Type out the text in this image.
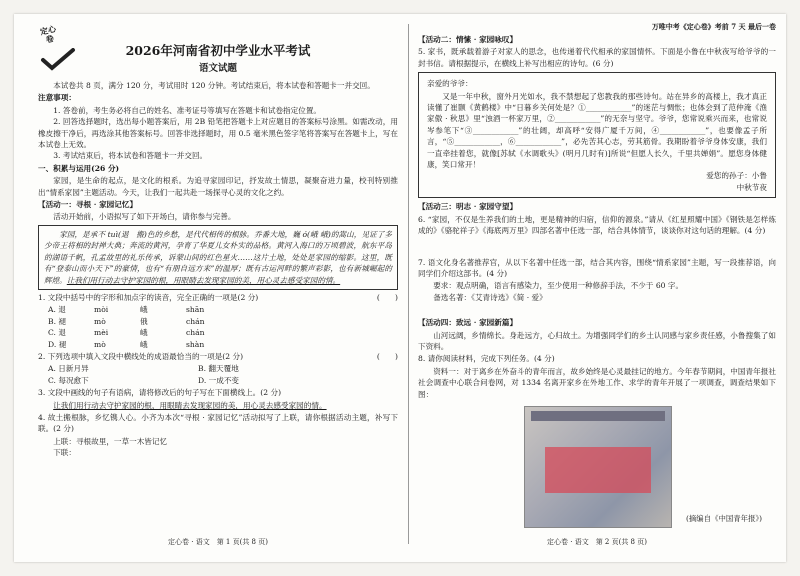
定心卷
2026年河南省初中学业水平考试
语文试题

本试卷共 8 页，满分 120 分，考试用时 120 分钟。考试结束后，将本试卷和答题卡一并交回。

注意事项：

1. 答卷前，考生务必将自己的姓名、准考证号等填写在答题卡和试卷指定位置。

2. 回答选择题时，选出每小题答案后，用 2B 铅笔把答题卡上对应题目的答案标号涂黑。如需改动，用橡皮擦干净后，再选涂其他答案标号。回答非选择题时，用 0.5 毫米黑色签字笔将答案写在答题卡上，写在本试卷上无效。

3. 考试结束后，将本试卷和答题卡一并交回。

一、积累与运用(26 分)

家园，是生命的起点，是文化的根系。为追寻家园印记，抒发故土情思，凝聚奋进力量，校刊特别推出“情系家园”主题活动。今天，让我们一起共赴一场探寻心灵的文化之约。

【活动一：寻根 · 家园记忆】

活动开始前，小语拟写了如下开场白，请你参与完善。

家园，是承不 tuì(退　搬)色的乡愁，是代代相传的根脉。乔番大地，巍 ó(峨 峨)的嵩山，见证了多少帝王将相的封禅大典；奔流的黄河，孕育了华夏儿女朴实的品格。黄河入海口的万顷碧波，航东平岛的湖语千帆，孔孟故里的礼乐传承，诉蒙山间的红色星火……这片土地，处处是家园的缩影。这里，既有“登泰山而小天下”的豪情，也有“有朋自远方来”的温厚；既有古运河畔的繁声彩影，也有新城崛起的辉煌。让我们用行动去守护家园的根，用眼睛去发现家园的美，用心灵去感受家园的情。

1. 文段中括号中的字形和加点字的读音，完全正确的一项是(2 分)	(　　)

A. 退	mòi	峨	shān
B. 褪	mò	俄	chán
C. 退	mèi	峨	chán
D. 褪	mò	峨	shàn

2. 下列选项中填入文段中横线处的成语最恰当的一项是(2 分)	(　　)

A. 日新月异	B. 翻天覆地
C. 每况愈下	D. 一成不变

3. 文段中画线的句子有语病，请将修改后的句子写在下面横线上。(2 分)

让我们用行动去守护家园的根，用眼睛去发现家园的美，用心灵去感受家园的情。

4. 故土搬根脉，乡忆镌人心。小齐为本次“寻根 · 家园记忆”活动拟写了上联，请你根据活动主题，补写下联。(2 分)

上联：寻根故里，一草一木皆记忆

下联：

定心卷 · 语文　第 1 页(共 8 页)
万唯中考《定心卷》考前 7 天 最后一卷

【活动二：情愫 · 家园咏叹】

5. 家书，既承载着游子对家人的思念，也传递着代代相承的家国情怀。下面是小鲁在中秋夜写给爷爷的一封书信。请根据提示，在横线上补写出相应的诗句。(6 分)

亲爱的爷爷：

又是一年中秋，窗外月光如水，我不禁想起了您教我的那些诗句。站在异乡的高楼上，我才真正读懂了崔颢《黄鹤楼》中“日暮乡关何处是？①____________”的迷茫与惆怅；也体会到了范仲淹《渔家傲 · 秋思》里“浊酒一杯家万里，②____________”的无奈与坚守。爷爷，您常说乘兴而来，也常说岑参笔下“③____________”的壮阔，却高呼“安得广厦千万间，④____________”，也要像孟子所言，“⑤____________，⑥____________”，必先苦其心志，劳其筋骨。我期盼着爷爷身体安康，我们一直牵挂着您，就像[苏轼《水调歌头》(明月几时有)]所说“但愿人长久，千里共婵娟”。愿您身体健康，笑口常开！

爱您的孙子：小鲁

中秋节夜

【活动三：明志 · 家园守望】

6. “家园，不仅是生养我们的土地，更是精神的归宿，信仰的源泉。”请从《红星照耀中国》《钢铁是怎样炼成的》《骆驼祥子》《海底两万里》四部名著中任选一部，结合具体情节，谈谈你对这句话的理解。(4 分)

7. 语文化身名著推荐官，从以下名著中任选一部，结合其内容，围绕“情系家园”主题，写一段推荐语，向同学们介绍这部书。(4 分)

要求：观点明确，语言有感染力，至少使用一种修辞手法，不少于 60 字。

备选名著：《艾青诗选》《简 · 爱》

【活动四：致远 · 家园新篇】

山河远阔，乡情绵长。身赴远方，心归故土。为增强同学们的乡土认同感与家乡责任感，小鲁搜集了如下资料。

8. 请你阅读材料，完成下列任务。(4 分)

资料一：对于离乡在外奋斗的青年而言，故乡始终是心灵最挂记的地方。今年春节期间，中国青年报社社会调查中心联合问卷网，对 1334 名离开家乡在外地工作、求学的青年开展了一项调查，调查结果如下图：

(摘编自《中国青年报》)
定心卷 · 语文　第 2 页(共 8 页)
